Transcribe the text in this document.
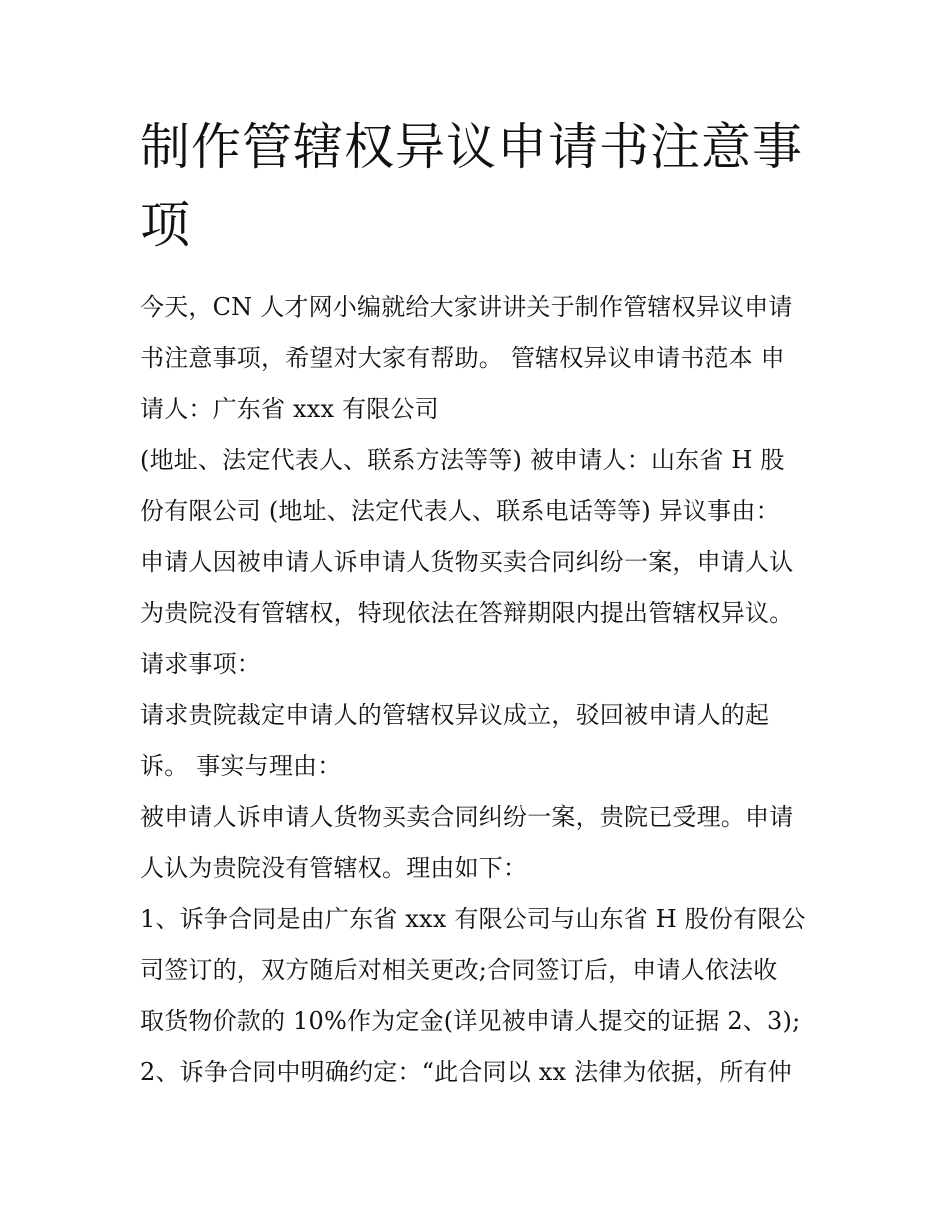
制作管辖权异议申请书注意事项

今天，CN 人才网小编就给大家讲讲关于制作管辖权异议申请

书注意事项，希望对大家有帮助。 管辖权异议申请书范本 申

请人：广东省 xxx 有限公司

(地址、法定代表人、联系方法等等) 被申请人：山东省 H 股

份有限公司 (地址、法定代表人、联系电话等等) 异议事由：

申请人因被申请人诉申请人货物买卖合同纠纷一案，申请人认

为贵院没有管辖权，特现依法在答辩期限内提出管辖权异议。

请求事项：

请求贵院裁定申请人的管辖权异议成立，驳回被申请人的起

诉。 事实与理由：

被申请人诉申请人货物买卖合同纠纷一案，贵院已受理。申请

人认为贵院没有管辖权。理由如下：

1、诉争合同是由广东省 xxx 有限公司与山东省 H 股份有限公

司签订的，双方随后对相关更改;合同签订后，申请人依法收

取货物价款的 10%作为定金(详见被申请人提交的证据 2、3);

2、诉争合同中明确约定：“此合同以 xx 法律为依据，所有仲
